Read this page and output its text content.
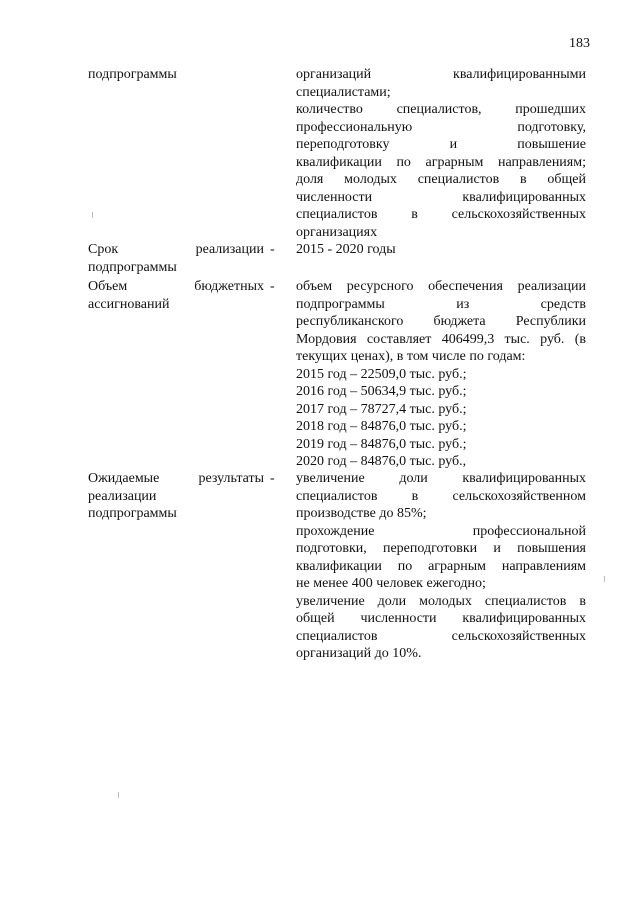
183
подпрограммы	организаций квалифицированными
специалистами;
количество специалистов, прошедших
профессиональную подготовку,
переподготовку и повышение
квалификации по аграрным направлениям;
доля молодых специалистов в общей
численности квалифицированных
специалистов в сельскохозяйственных
организациях
Срок реализации
подпрограммы
- 2015 - 2020 годы
Объем бюджетных
ассигнований
- объем ресурсного обеспечения реализации
подпрограммы из средств
республиканского бюджета Республики
Мордовия составляет 406499,3 тыс. руб. (в
текущих ценах), в том числе по годам:
2015 год – 22509,0 тыс. руб.;
2016 год – 50634,9 тыс. руб.;
2017 год – 78727,4 тыс. руб.;
2018 год – 84876,0 тыс. руб.;
2019 год – 84876,0 тыс. руб.;
2020 год – 84876,0 тыс. руб.,
Ожидаемые результаты
реализации
подпрограммы
- увеличение доли квалифицированных
специалистов в сельскохозяйственном
производстве до 85%;
прохождение профессиональной
подготовки, переподготовки и повышения
квалификации по аграрным направлениям
не менее 400 человек ежегодно;
увеличение доли молодых специалистов в
общей численности квалифицированных
специалистов сельскохозяйственных
организаций до 10%.
